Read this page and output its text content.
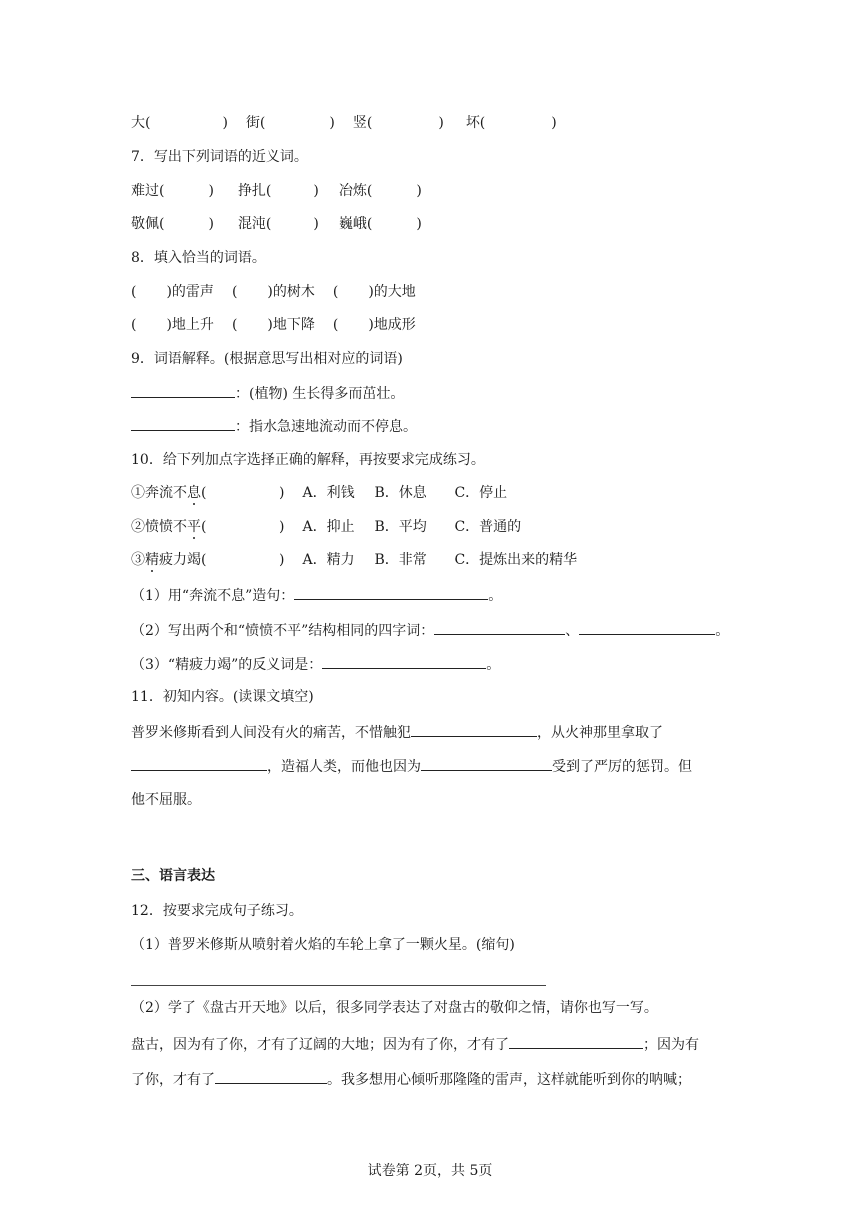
大(	) 街(	) 竖(	) 坏(	)
7．写出下列词语的近义词。
难过(	) 挣扎(	) 冶炼(	)
敬佩(	) 混沌(	) 巍峨(	)
8．填入恰当的词语。
( )的雷声 ( )的树木 ( )的大地
( )地上升 ( )地下降 ( )地成形
9．词语解释。(根据意思写出相对应的词语)
：(植物) 生长得多而茁壮。
：指水急速地流动而不停息。
10．给下列加点字选择正确的解释，再按要求完成练习。
①奔流不息(	) A．利钱 B．休息 C．停止
②愤愤不平(	) A．抑止 B．平均 C．普通的
③精疲力竭(	) A．精力 B．非常 C．提炼出来的精华
（1）用“奔流不息”造句：	。
（2）写出两个和“愤愤不平”结构相同的四字词：	、	。
（3）“精疲力竭”的反义词是：	。
11．初知内容。(读课文填空)
普罗米修斯看到人间没有火的痛苦，不惜触犯	，从火神那里拿取了
，造福人类，而他也因为	受到了严厉的惩罚。但
他不屈服。
三、语言表达
12．按要求完成句子练习。
（1）普罗米修斯从喷射着火焰的车轮上拿了一颗火星。(缩句)
（2）学了《盘古开天地》以后，很多同学表达了对盘古的敬仰之情，请你也写一写。
盘古，因为有了你，才有了辽阔的大地；因为有了你，才有了	；因为有
了你，才有了	。我多想用心倾听那隆隆的雷声，这样就能听到你的呐喊；
试卷第 2页，共 5页
